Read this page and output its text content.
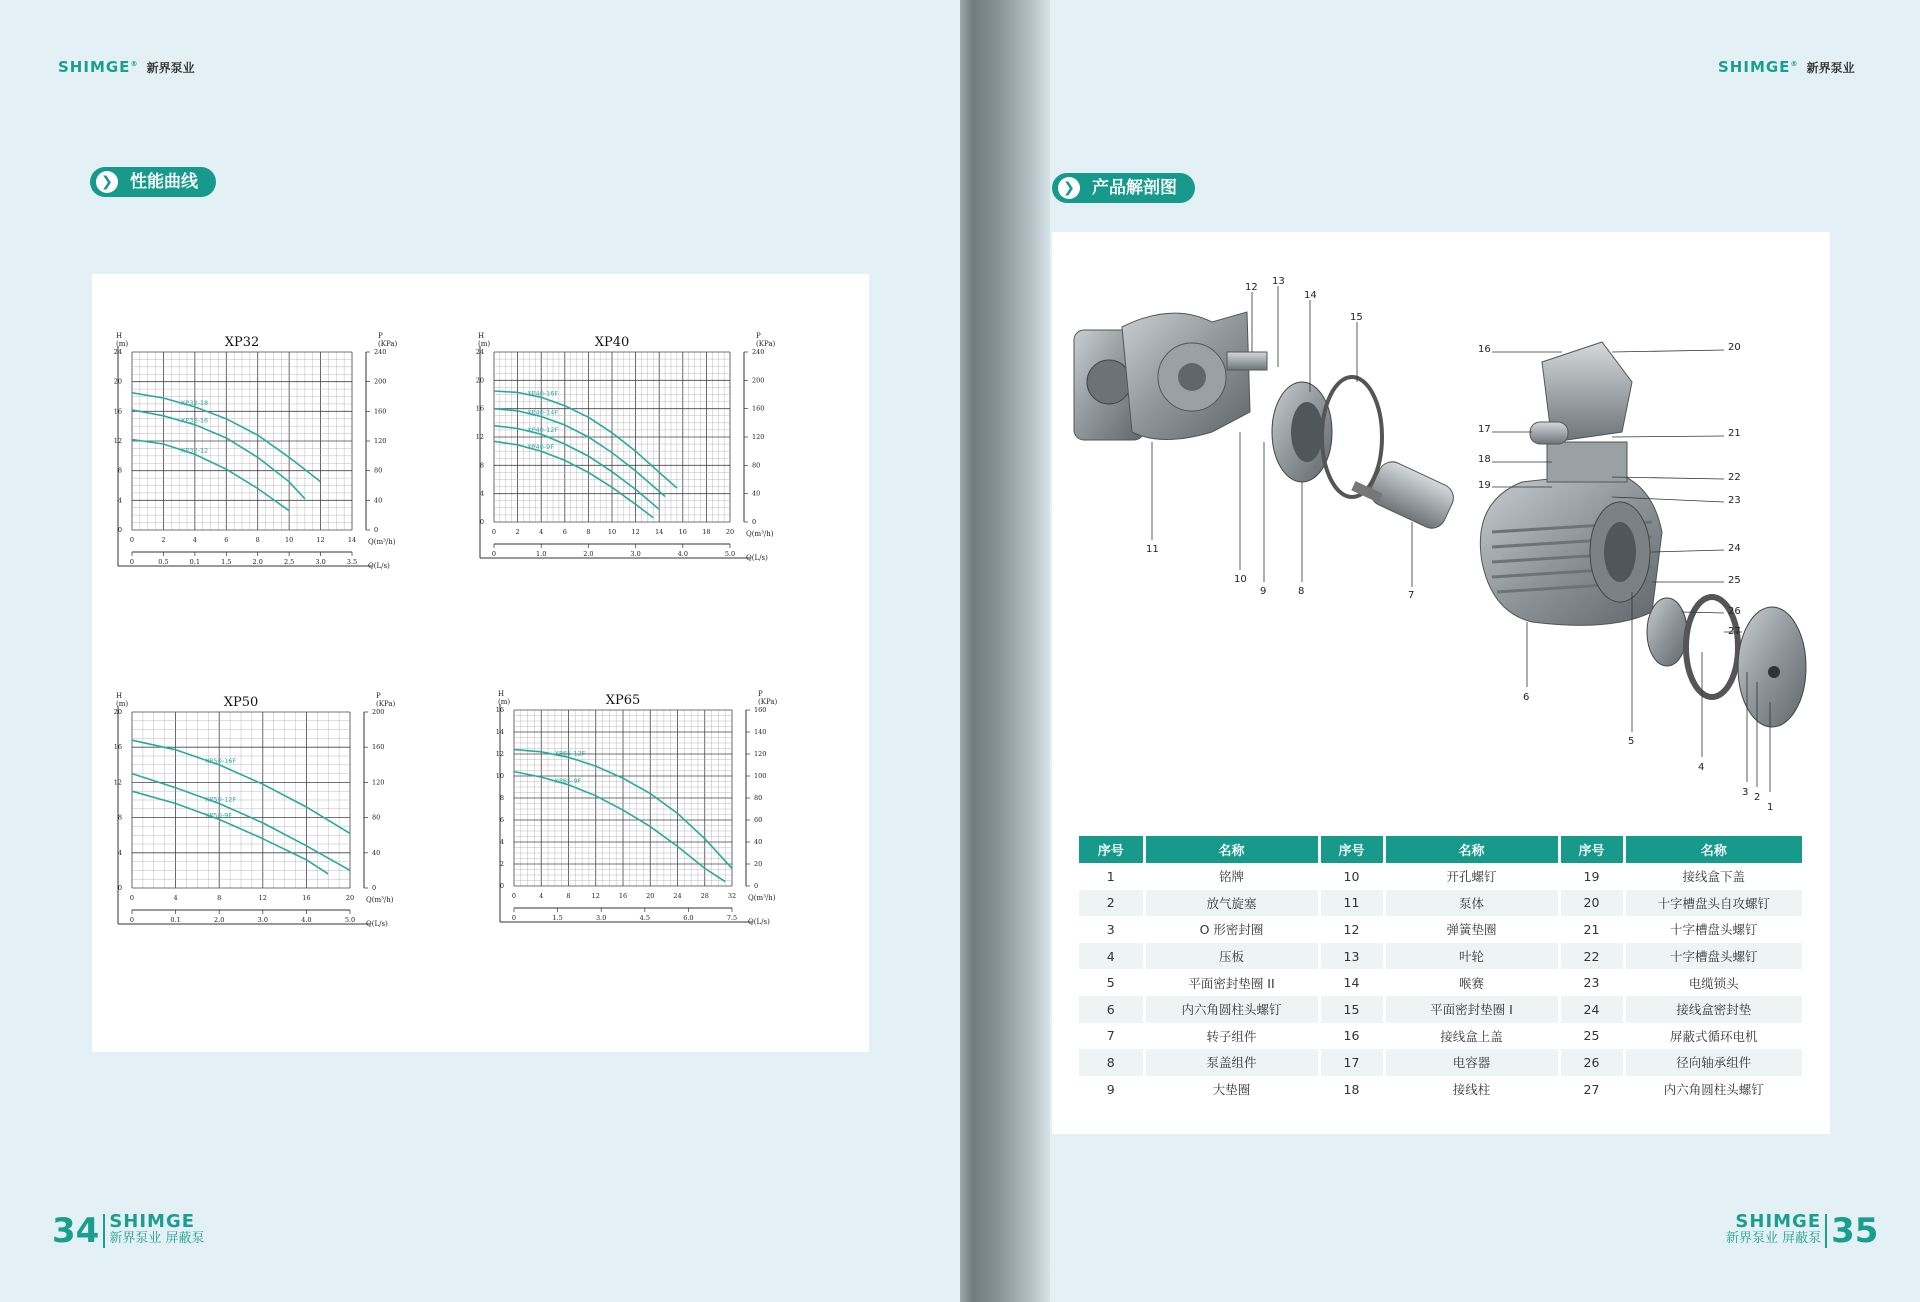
SHIMGE® 新界泵业
❯	性能曲线
XP32
H
(m)
P
(KPa)
Q(m³/h)
Q(L/s)
0
4
8
12
16
20
24
0
40
80
120
160
200
240
0	2	4	6	8	10	12	14
0	0.5	0.1	1.5	2.0	2.5	3.0	3.5
XP32-18
XP32-16
XP32-12
XP40
H
(m)
P
(KPa)
Q(m³/h)
Q(L/s)
0
4
8
12
16
20
24
0
40
80
120
160
200
240
0	2	4	6	8	10 12 14 16 18 20
0	1.0	2.0	3.0	4.0	5.0
XP40-16F
XP40-14F
XP40-12F
XP40-9F
XP50
H
(m)
P
(KPa)
Q(m³/h)
Q(L/s)
0
4
8
12
16
20
0
40
80
120
160
200
0	4	8	12	16	20
0	0.1	2.0	3.0	4.0	5.0
XP50-16F
XP50-12F
XP50-9F
XP65
H
(m)
P
(KPa)
Q(m³/h)
Q(L/s)
0
2
4
6
8
10
12
14
16
0
20
40
60
80
100
120
140
160
0	4	8	12	16	20	24	28	32
0	1.5	3.0	4.5	6.0	7.5
XP65-12F
XP65-9F
34 SHIMGE
新界泵业 屏蔽泵
SHIMGE® 新界泵业
❯	产品解剖图
12
13
14
15
16
17
18
19
20
21
22
23
24
25
26
27
11
10
9	8	7
6
5
4
3 2
1
序号	名称	序号	名称	序号	名称
1	铭牌	10	开孔螺钉	19	接线盒下盖
2	放气旋塞	11	泵体	20	十字槽盘头自攻螺钉
3	O 形密封圈	12	弹簧垫圈	21	十字槽盘头螺钉
4	压板	13	叶轮	22	十字槽盘头螺钉
5	平面密封垫圈 II	14	喉赛	23	电缆锁头
6	内六角圆柱头螺钉	15	平面密封垫圈 I	24	接线盒密封垫
7	转子组件	16	接线盒上盖	25	屏蔽式循环电机
8	泵盖组件	17	电容器	26	径向轴承组件
9	大垫圈	18	接线柱	27	内六角圆柱头螺钉
SHIMGE
新界泵业 屏蔽泵 35
